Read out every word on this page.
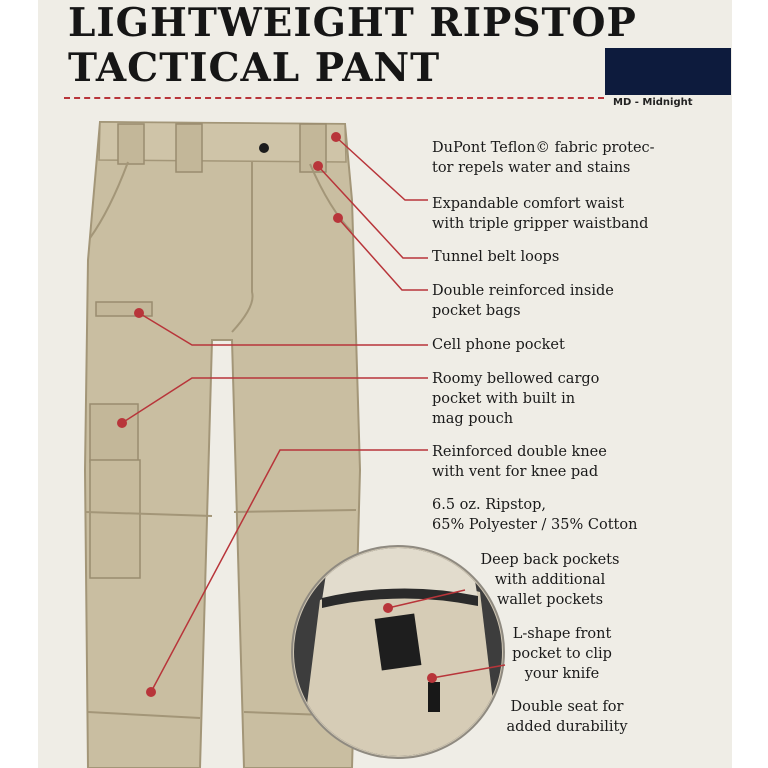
LIGHTWEIGHT RIPSTOP
TACTICAL PANT
MD - Midnight

DuPont Teflon© fabric protec-
tor repels water and stains

Expandable comfort waist
with triple gripper waistband

Tunnel belt loops

Double reinforced inside
pocket bags

Cell phone pocket

Roomy bellowed cargo
pocket with built in
mag pouch

Reinforced double knee
with vent for knee pad

6.5 oz. Ripstop,
65% Polyester / 35% Cotton

Deep back pockets
with additional
wallet pockets

L-shape front
pocket to clip
your knife

Double seat for
added durability
